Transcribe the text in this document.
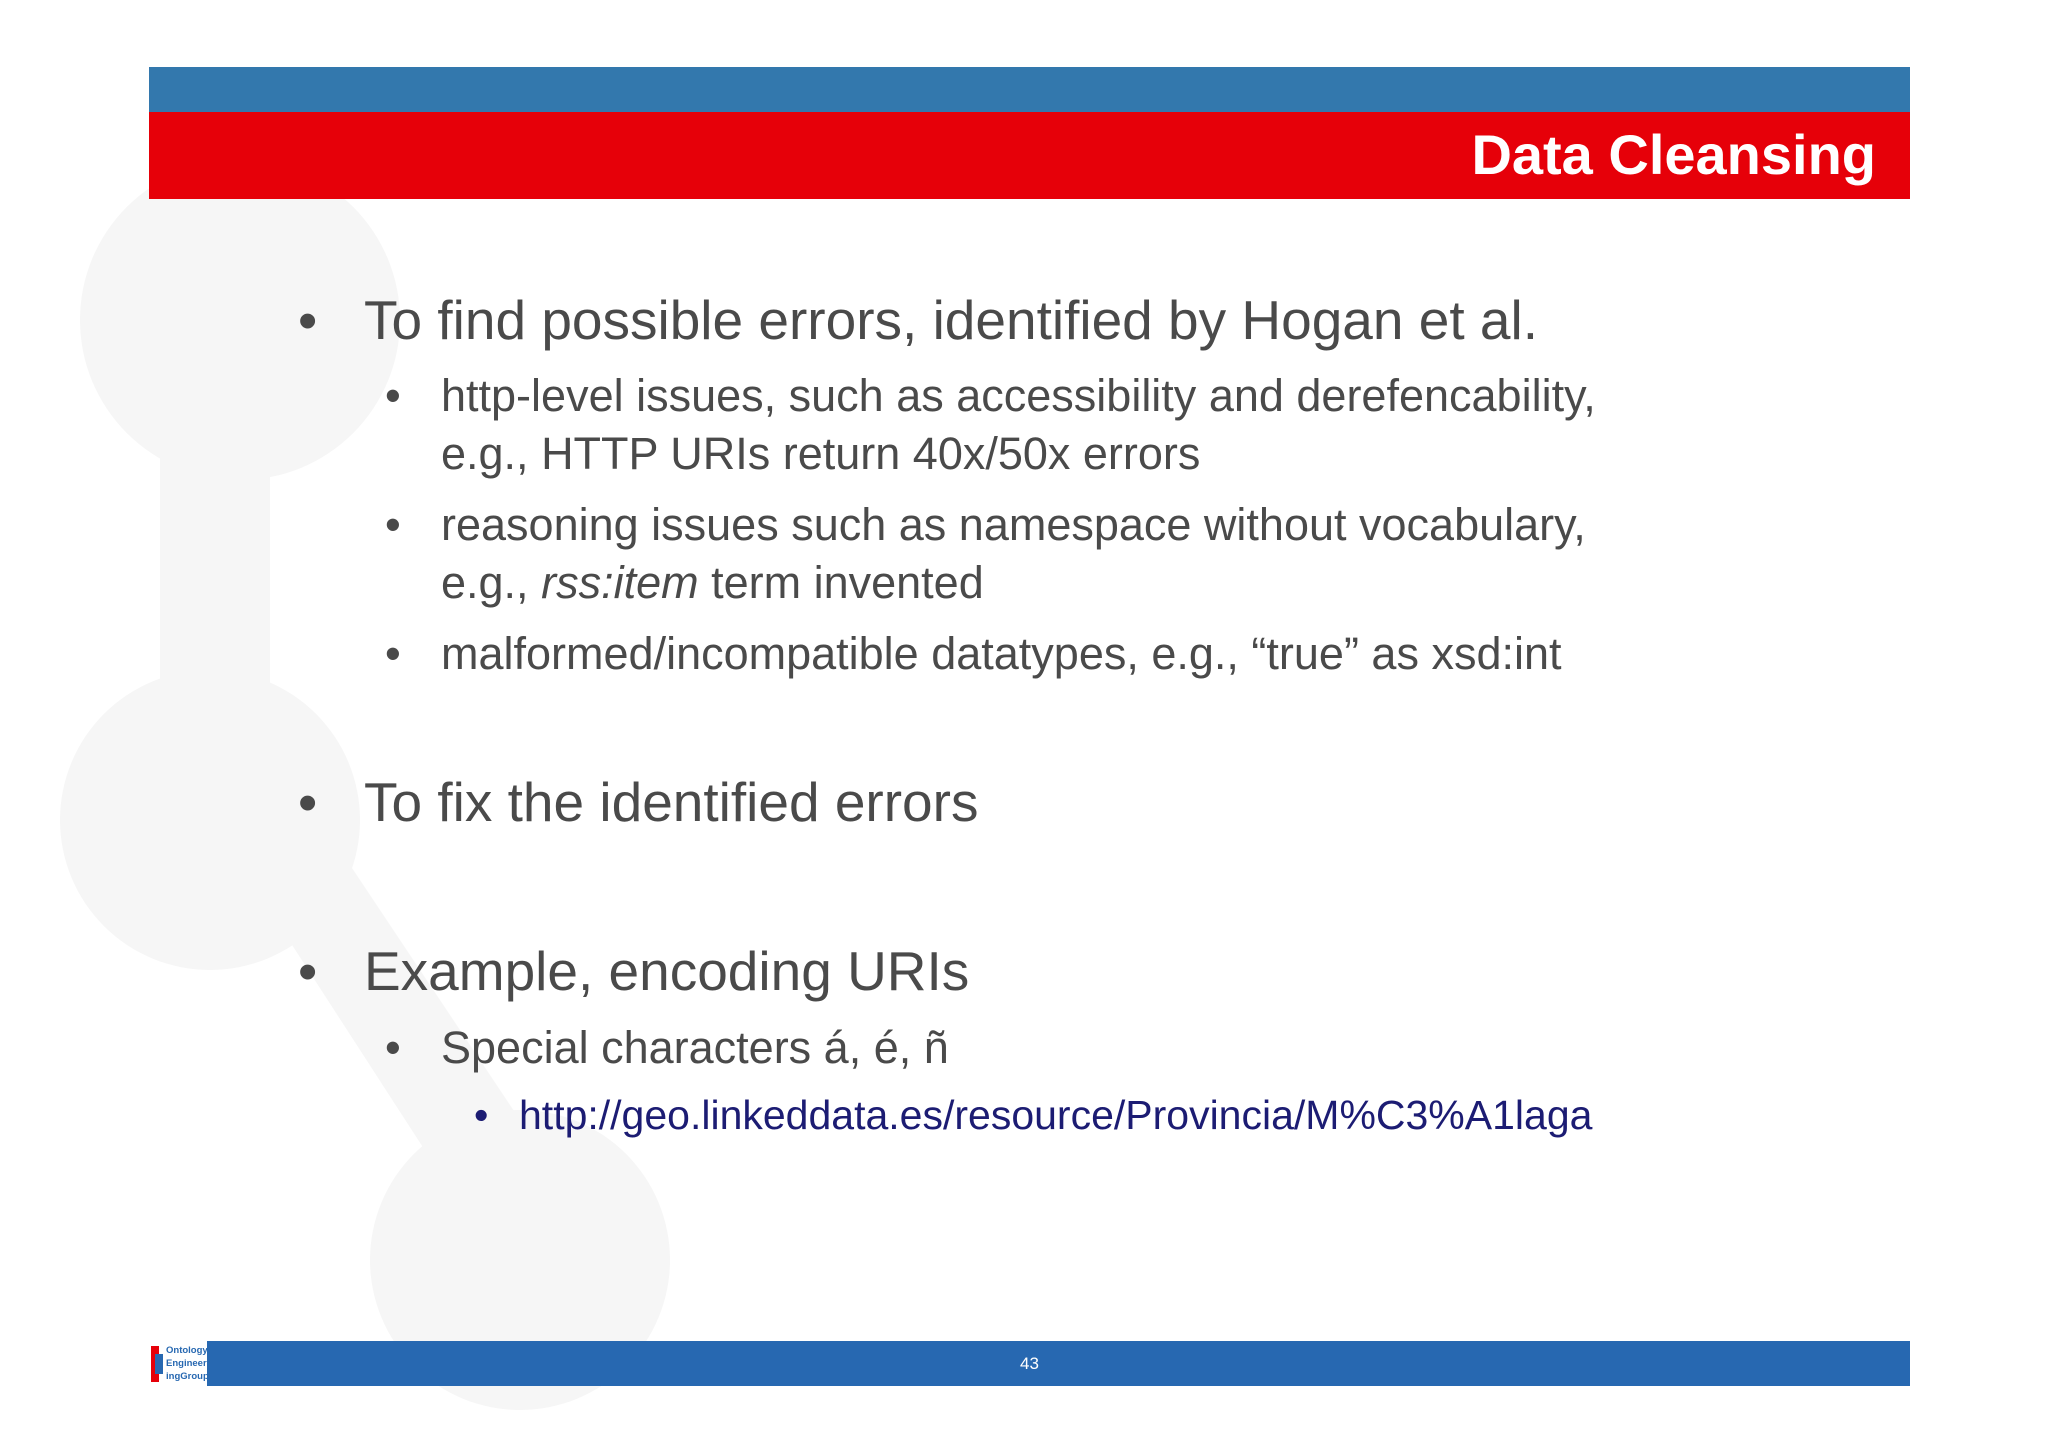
Data Cleansing
• To find possible errors, identified by Hogan et al.
• http-level issues, such as accessibility and derefencability,
e.g., HTTP URIs return 40x/50x errors
• reasoning issues such as namespace without vocabulary,
e.g., rss:item term invented
• malformed/incompatible datatypes, e.g., “true” as xsd:int
• To fix the identified errors
• Example, encoding URIs
• Special characters á, é, ñ
• http://geo.linkeddata.es/resource/Provincia/M%C3%A1laga
43
Ontology
Engineer
ingGroup
